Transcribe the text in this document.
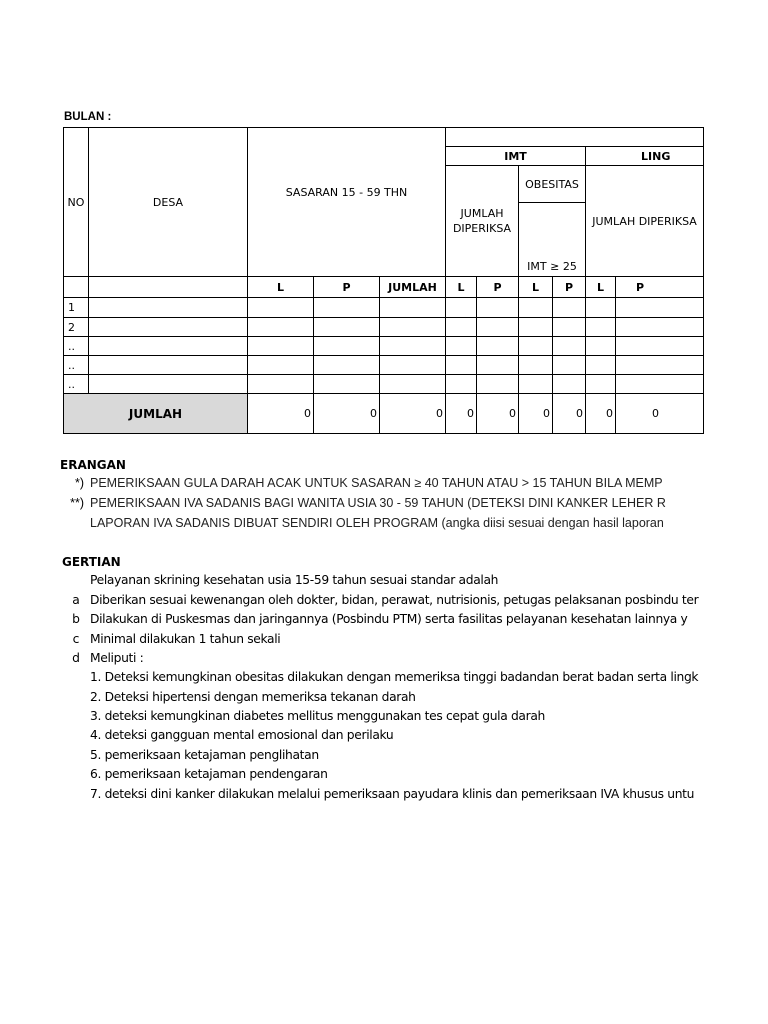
BULAN :
NO	DESA	SASARAN 15 - 59 THN								
					IMT				LING	
					JUMLAH DIPERIKSA		OBESITAS		JUMLAH DIPERIKSA	
							IMT ≥ 25			

		L	P	JUMLAH	L	P	L	P	L	P
1										
2										
..										
..										
..										
JUMLAH		0	0	0	0	0	0	0	0	0
ERANGAN
*) PEMERIKSAAN GULA DARAH ACAK UNTUK SASARAN ≥ 40 TAHUN ATAU > 15 TAHUN BILA MEMP
**) PEMERIKSAAN IVA SADANIS BAGI WANITA USIA 30 - 59 TAHUN (DETEKSI DINI KANKER LEHER R
LAPORAN IVA SADANIS DIBUAT SENDIRI OLEH PROGRAM (angka diisi sesuai dengan hasil laporan
GERTIAN
Pelayanan skrining kesehatan usia 15-59 tahun sesuai standar adalah
a Diberikan sesuai kewenangan oleh dokter, bidan, perawat, nutrisionis, petugas pelaksanan posbindu ter
b Dilakukan di Puskesmas dan jaringannya (Posbindu PTM) serta fasilitas pelayanan kesehatan lainnya y
c Minimal dilakukan 1 tahun sekali
d Meliputi :
1. Deteksi kemungkinan obesitas dilakukan dengan memeriksa tinggi badandan berat badan serta lingk
2. Deteksi hipertensi dengan memeriksa tekanan darah
3. deteksi kemungkinan diabetes mellitus menggunakan tes cepat gula darah
4. deteksi gangguan mental emosional dan perilaku
5. pemeriksaan ketajaman penglihatan
6. pemeriksaan ketajaman pendengaran
7. deteksi dini kanker dilakukan melalui pemeriksaan payudara klinis dan pemeriksaan IVA khusus untu
